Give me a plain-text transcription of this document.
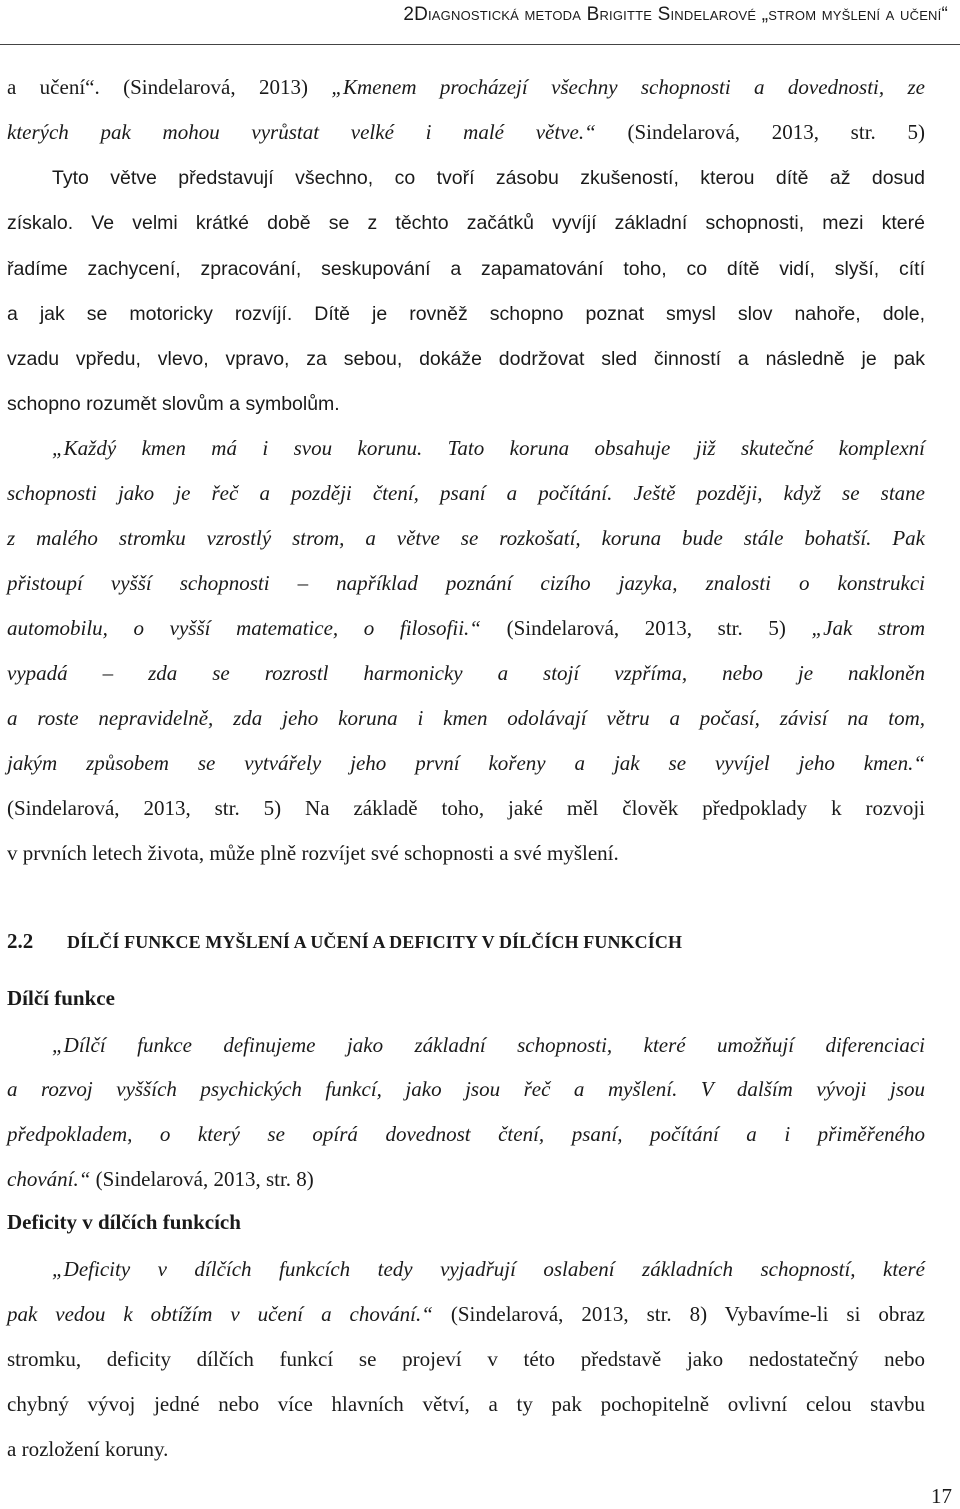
2Diagnostická metoda Brigitte Sindelarové „strom myšlení a učení“
a učení“. (Sindelarová, 2013) „Kmenem procházejí všechny schopnosti a dovednosti, ze
kterých pak mohou vyrůstat velké i malé větve.“ (Sindelarová, 2013, str. 5)
Tyto větve představují všechno, co tvoří zásobu zkušeností, kterou dítě až dosud
získalo. Ve velmi krátké době se z těchto začátků vyvíjí základní schopnosti, mezi které
řadíme zachycení, zpracování, seskupování a zapamatování toho, co dítě vidí, slyší, cítí
a jak se motoricky rozvíjí. Dítě je rovněž schopno poznat smysl slov nahoře, dole,
vzadu vpředu, vlevo, vpravo, za sebou, dokáže dodržovat sled činností a následně je pak
schopno rozumět slovům a symbolům.
„Každý kmen má i svou korunu. Tato koruna obsahuje již skutečné komplexní
schopnosti jako je řeč a později čtení, psaní a počítání. Ještě později, když se stane
z malého stromku vzrostlý strom, a větve se rozkošatí, koruna bude stále bohatší. Pak
přistoupí vyšší schopnosti – například poznání cizího jazyka, znalosti o konstrukci
automobilu, o vyšší matematice, o filosofii.“ (Sindelarová, 2013, str. 5) „Jak strom
vypadá – zda se rozrostl harmonicky a stojí vzpříma, nebo je nakloněn
a roste nepravidelně, zda jeho koruna i kmen odolávají větru a počasí, závisí na tom,
jakým způsobem se vytvářely jeho první kořeny a jak se vyvíjel jeho kmen.“
(Sindelarová, 2013, str. 5) Na základě toho, jaké měl člověk předpoklady k rozvoji
v prvních letech života, může plně rozvíjet své schopnosti a své myšlení.
2.2 DÍLČÍ FUNKCE MYŠLENÍ A UČENÍ A DEFICITY V DÍLČÍCH FUNKCÍCH
Dílčí funkce
„Dílčí funkce definujeme jako základní schopnosti, které umožňují diferenciaci
a rozvoj vyšších psychických funkcí, jako jsou řeč a myšlení. V dalším vývoji jsou
předpokladem, o který se opírá dovednost čtení, psaní, počítání a i přiměřeného
chování.“ (Sindelarová, 2013, str. 8)
Deficity v dílčích funkcích
„Deficity v dílčích funkcích tedy vyjadřují oslabení základních schopností, které
pak vedou k obtížím v učení a chování.“ (Sindelarová, 2013, str. 8) Vybavíme-li si obraz
stromku, deficity dílčích funkcí se projeví v této představě jako nedostatečný nebo
chybný vývoj jedné nebo více hlavních větví, a ty pak pochopitelně ovlivní celou stavbu
a rozložení koruny.
17
